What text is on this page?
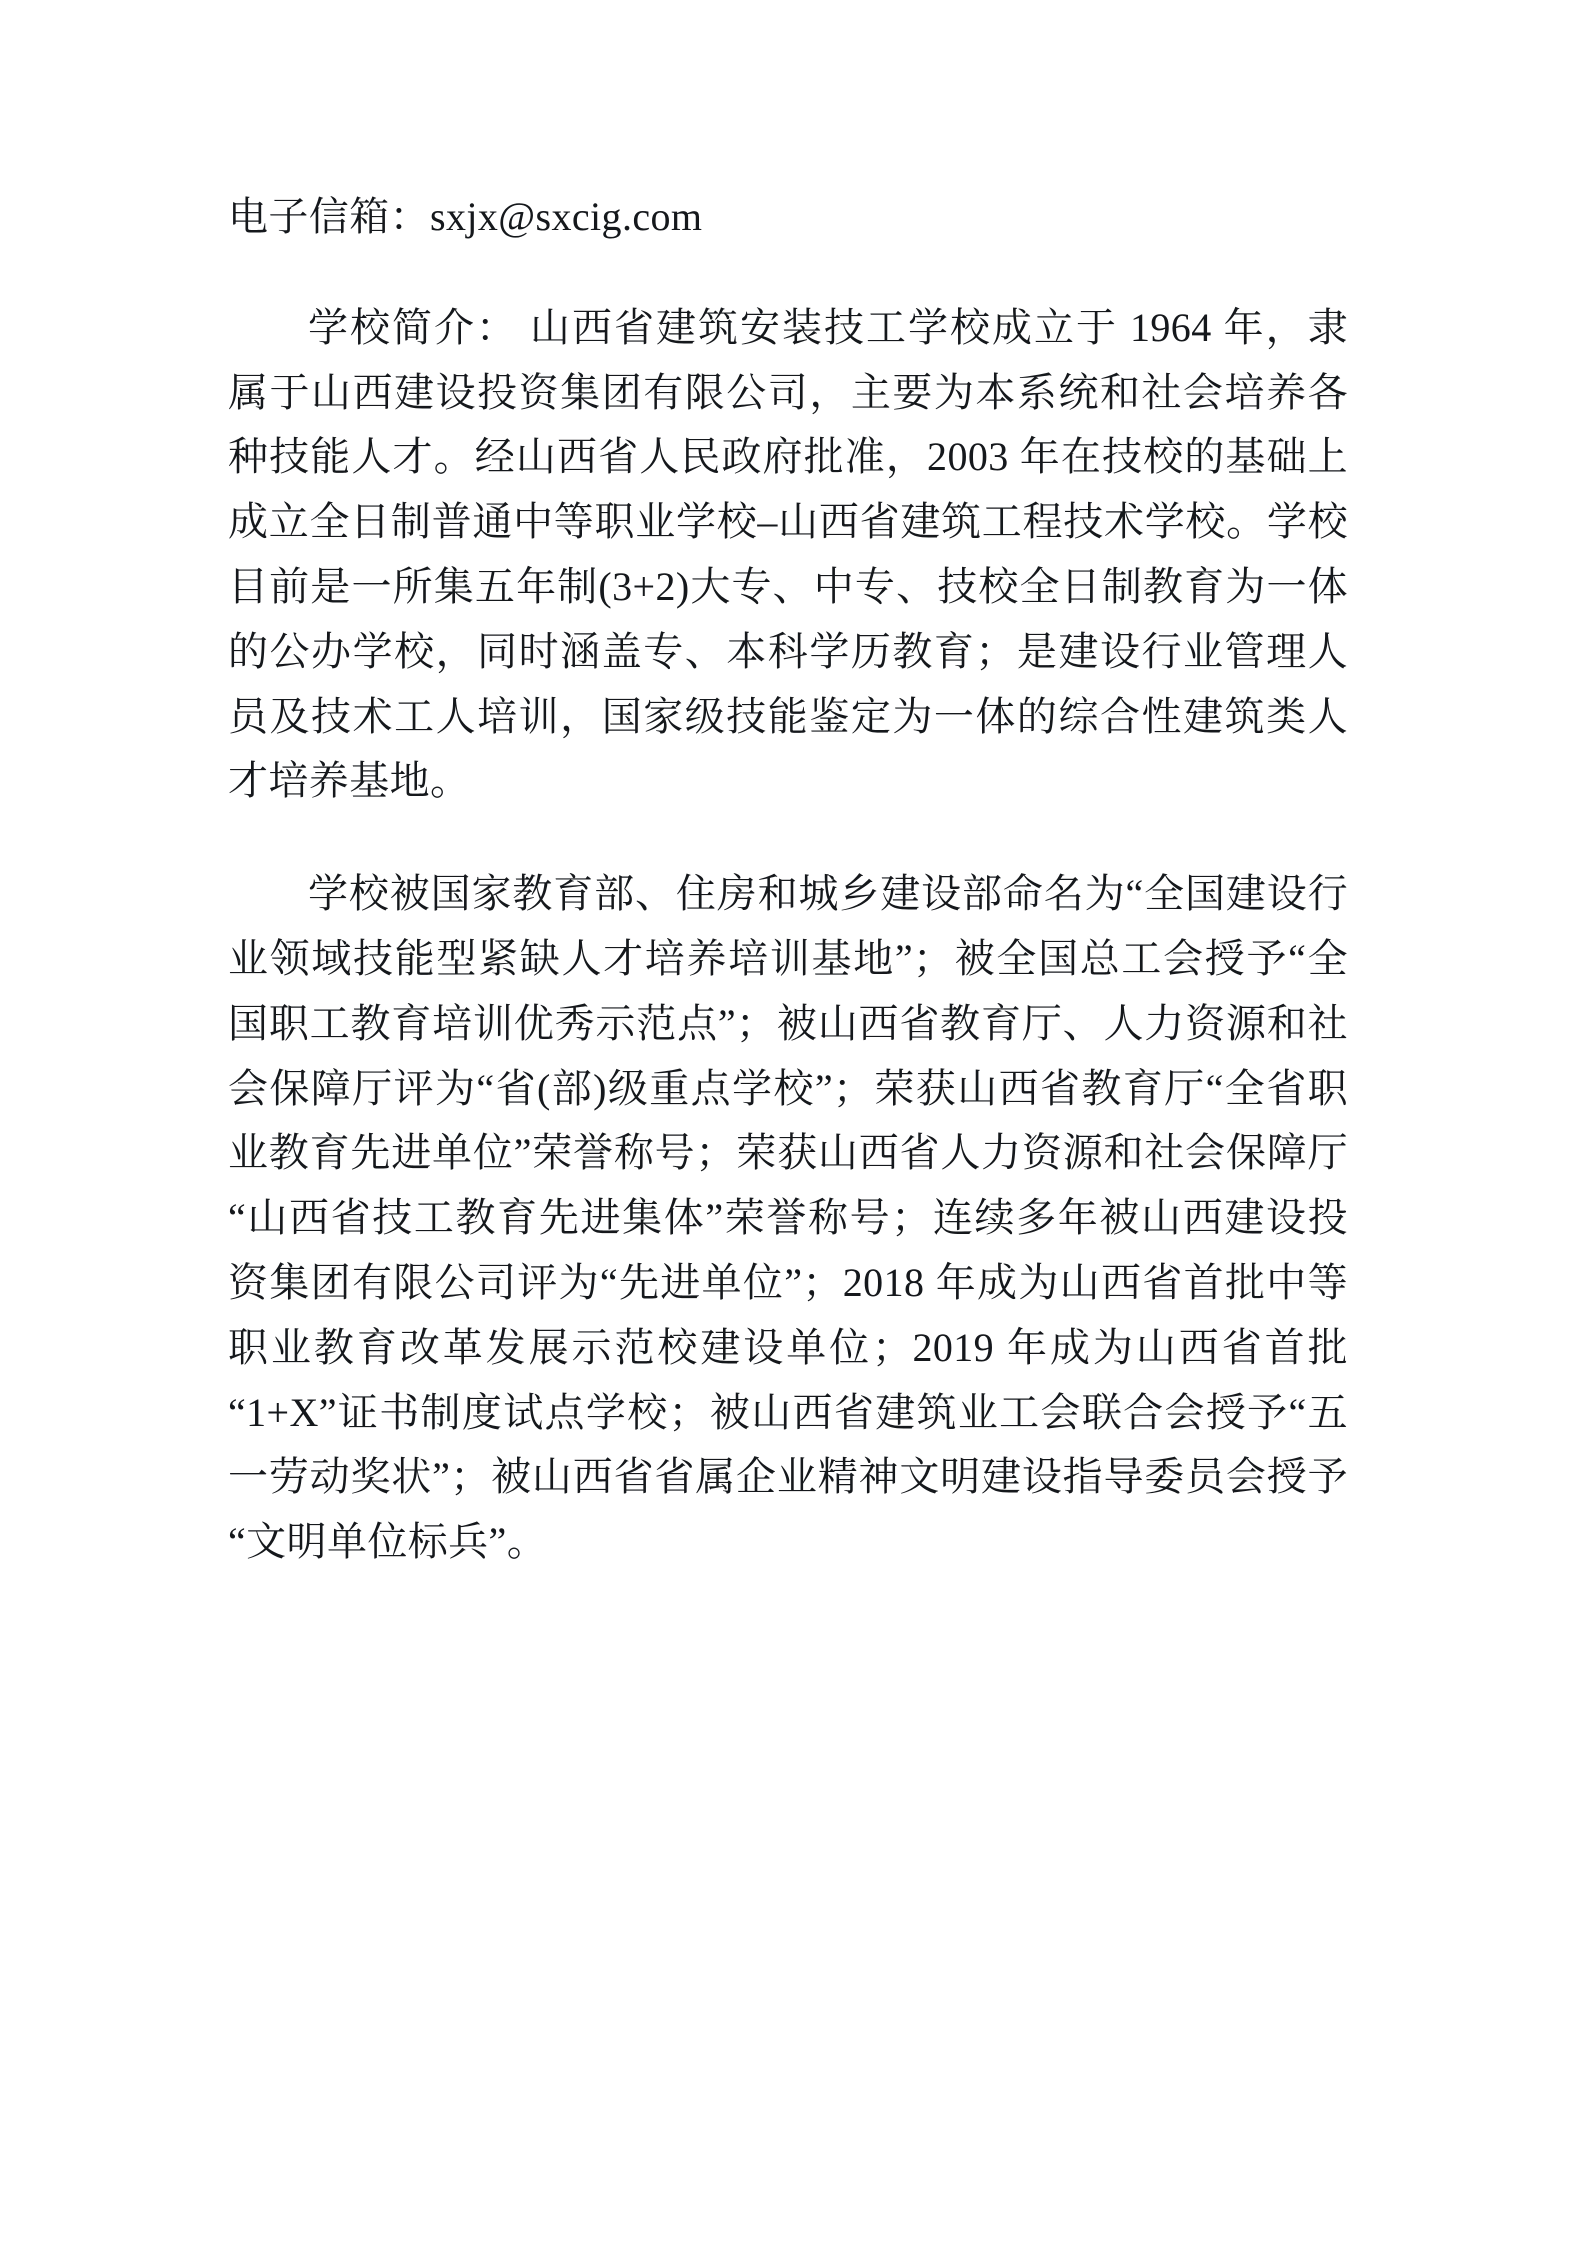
电子信箱：sxjx@sxcig.com

学校简介： 山西省建筑安装技工学校成立于 1964 年，隶属于山西建设投资集团有限公司，主要为本系统和社会培养各种技能人才。经山西省人民政府批准，2003 年在技校的基础上成立全日制普通中等职业学校–山西省建筑工程技术学校。学校目前是一所集五年制(3+2)大专、中专、技校全日制教育为一体的公办学校，同时涵盖专、本科学历教育；是建设行业管理人员及技术工人培训，国家级技能鉴定为一体的综合性建筑类人才培养基地。

学校被国家教育部、住房和城乡建设部命名为“全国建设行业领域技能型紧缺人才培养培训基地”；被全国总工会授予“全国职工教育培训优秀示范点”；被山西省教育厅、人力资源和社会保障厅评为“省(部)级重点学校”；荣获山西省教育厅“全省职业教育先进单位”荣誉称号；荣获山西省人力资源和社会保障厅“山西省技工教育先进集体”荣誉称号；连续多年被山西建设投资集团有限公司评为“先进单位”；2018 年成为山西省首批中等职业教育改革发展示范校建设单位；2019 年成为山西省首批“1+X”证书制度试点学校；被山西省建筑业工会联合会授予“五一劳动奖状”；被山西省省属企业精神文明建设指导委员会授予“文明单位标兵”。
